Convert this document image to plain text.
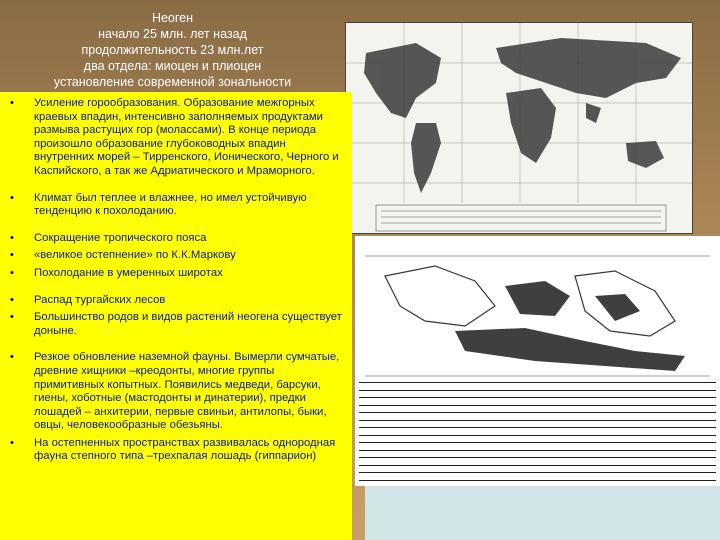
Неоген
начало 25 млн. лет назад
продолжительность 23 млн.лет
два отдела: миоцен и плиоцен
установление современной зональности
• Усиление горообразования. Образование межгорных краевых впадин, интенсивно заполняемых продуктами размыва растущих гор (молассами). В конце периода произошло образование глубоководных впадин внутренних морей – Тирренского, Ионического, Черного и Каспийского, а так же Адриатического и Мраморного.
• Климат был теплее и влажнее, но имел устойчивую тенденцию к похолоданию.
• Сокращение тропического пояса
• «великое остепнение» по К.К.Маркову
• Похолодание в умеренных широтах
• Распад тургайских лесов
• Большинство родов и видов растений неогена существует доныне.
• Резкое обновление наземной фауны. Вымерли сумчатые, древние хищники –креодонты, многие группы примитивных копытных. Появились медведи, барсуки, гиены, хоботные (мастодонты и динатерии), предки лошадей – анхитерии, первые свиньи, антилопы, быки, овцы, человекообразные обезьяны.
• На остепненных пространствах развивалась однородная фауна степного типа –трехпалая лошадь (гиппарион)
